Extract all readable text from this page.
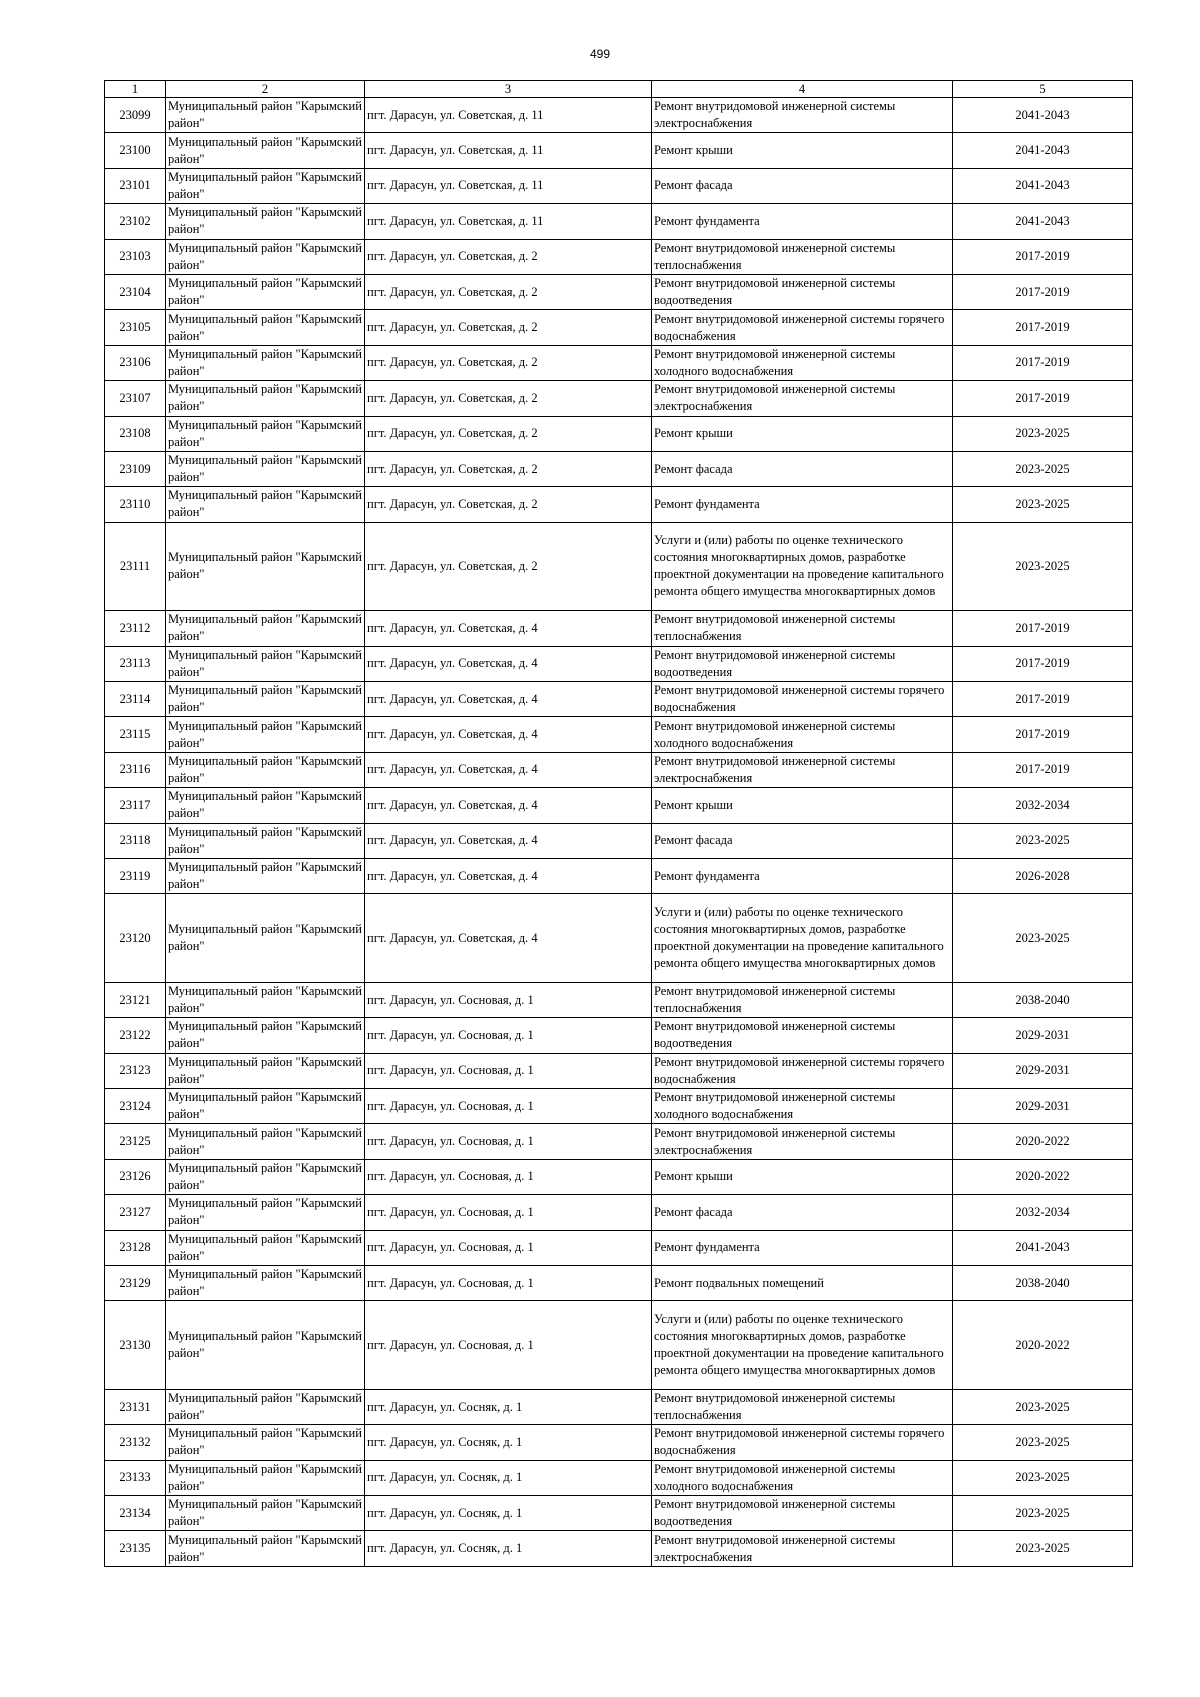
499
1	2	3	4	5
23099	Муниципальный район "Карымский район"	пгт. Дарасун, ул. Советская, д. 11	Ремонт внутридомовой инженерной системы электроснабжения	2041-2043
23100	Муниципальный район "Карымский район"	пгт. Дарасун, ул. Советская, д. 11	Ремонт крыши	2041-2043
23101	Муниципальный район "Карымский район"	пгт. Дарасун, ул. Советская, д. 11	Ремонт фасада	2041-2043
23102	Муниципальный район "Карымский район"	пгт. Дарасун, ул. Советская, д. 11	Ремонт фундамента	2041-2043
23103	Муниципальный район "Карымский район"	пгт. Дарасун, ул. Советская, д. 2	Ремонт внутридомовой инженерной системы теплоснабжения	2017-2019
23104	Муниципальный район "Карымский район"	пгт. Дарасун, ул. Советская, д. 2	Ремонт внутридомовой инженерной системы водоотведения	2017-2019
23105	Муниципальный район "Карымский район"	пгт. Дарасун, ул. Советская, д. 2	Ремонт внутридомовой инженерной системы горячего водоснабжения	2017-2019
23106	Муниципальный район "Карымский район"	пгт. Дарасун, ул. Советская, д. 2	Ремонт внутридомовой инженерной системы холодного водоснабжения	2017-2019
23107	Муниципальный район "Карымский район"	пгт. Дарасун, ул. Советская, д. 2	Ремонт внутридомовой инженерной системы электроснабжения	2017-2019
23108	Муниципальный район "Карымский район"	пгт. Дарасун, ул. Советская, д. 2	Ремонт крыши	2023-2025
23109	Муниципальный район "Карымский район"	пгт. Дарасун, ул. Советская, д. 2	Ремонт фасада	2023-2025
23110	Муниципальный район "Карымский район"	пгт. Дарасун, ул. Советская, д. 2	Ремонт фундамента	2023-2025
23111	Муниципальный район "Карымский район"	пгт. Дарасун, ул. Советская, д. 2	Услуги и (или) работы по оценке технического состояния многоквартирных домов, разработке проектной документации на проведение капитального ремонта общего имущества многоквартирных домов	2023-2025
23112	Муниципальный район "Карымский район"	пгт. Дарасун, ул. Советская, д. 4	Ремонт внутридомовой инженерной системы теплоснабжения	2017-2019
23113	Муниципальный район "Карымский район"	пгт. Дарасун, ул. Советская, д. 4	Ремонт внутридомовой инженерной системы водоотведения	2017-2019
23114	Муниципальный район "Карымский район"	пгт. Дарасун, ул. Советская, д. 4	Ремонт внутридомовой инженерной системы горячего водоснабжения	2017-2019
23115	Муниципальный район "Карымский район"	пгт. Дарасун, ул. Советская, д. 4	Ремонт внутридомовой инженерной системы холодного водоснабжения	2017-2019
23116	Муниципальный район "Карымский район"	пгт. Дарасун, ул. Советская, д. 4	Ремонт внутридомовой инженерной системы электроснабжения	2017-2019
23117	Муниципальный район "Карымский район"	пгт. Дарасун, ул. Советская, д. 4	Ремонт крыши	2032-2034
23118	Муниципальный район "Карымский район"	пгт. Дарасун, ул. Советская, д. 4	Ремонт фасада	2023-2025
23119	Муниципальный район "Карымский район"	пгт. Дарасун, ул. Советская, д. 4	Ремонт фундамента	2026-2028
23120	Муниципальный район "Карымский район"	пгт. Дарасун, ул. Советская, д. 4	Услуги и (или) работы по оценке технического состояния многоквартирных домов, разработке проектной документации на проведение капитального ремонта общего имущества многоквартирных домов	2023-2025
23121	Муниципальный район "Карымский район"	пгт. Дарасун, ул. Сосновая, д. 1	Ремонт внутридомовой инженерной системы теплоснабжения	2038-2040
23122	Муниципальный район "Карымский район"	пгт. Дарасун, ул. Сосновая, д. 1	Ремонт внутридомовой инженерной системы водоотведения	2029-2031
23123	Муниципальный район "Карымский район"	пгт. Дарасун, ул. Сосновая, д. 1	Ремонт внутридомовой инженерной системы горячего водоснабжения	2029-2031
23124	Муниципальный район "Карымский район"	пгт. Дарасун, ул. Сосновая, д. 1	Ремонт внутридомовой инженерной системы холодного водоснабжения	2029-2031
23125	Муниципальный район "Карымский район"	пгт. Дарасун, ул. Сосновая, д. 1	Ремонт внутридомовой инженерной системы электроснабжения	2020-2022
23126	Муниципальный район "Карымский район"	пгт. Дарасун, ул. Сосновая, д. 1	Ремонт крыши	2020-2022
23127	Муниципальный район "Карымский район"	пгт. Дарасун, ул. Сосновая, д. 1	Ремонт фасада	2032-2034
23128	Муниципальный район "Карымский район"	пгт. Дарасун, ул. Сосновая, д. 1	Ремонт фундамента	2041-2043
23129	Муниципальный район "Карымский район"	пгт. Дарасун, ул. Сосновая, д. 1	Ремонт подвальных помещений	2038-2040
23130	Муниципальный район "Карымский район"	пгт. Дарасун, ул. Сосновая, д. 1	Услуги и (или) работы по оценке технического состояния многоквартирных домов, разработке проектной документации на проведение капитального ремонта общего имущества многоквартирных домов	2020-2022
23131	Муниципальный район "Карымский район"	пгт. Дарасун, ул. Сосняк, д. 1	Ремонт внутридомовой инженерной системы теплоснабжения	2023-2025
23132	Муниципальный район "Карымский район"	пгт. Дарасун, ул. Сосняк, д. 1	Ремонт внутридомовой инженерной системы горячего водоснабжения	2023-2025
23133	Муниципальный район "Карымский район"	пгт. Дарасун, ул. Сосняк, д. 1	Ремонт внутридомовой инженерной системы холодного водоснабжения	2023-2025
23134	Муниципальный район "Карымский район"	пгт. Дарасун, ул. Сосняк, д. 1	Ремонт внутридомовой инженерной системы водоотведения	2023-2025
23135	Муниципальный район "Карымский район"	пгт. Дарасун, ул. Сосняк, д. 1	Ремонт внутридомовой инженерной системы электроснабжения	2023-2025
